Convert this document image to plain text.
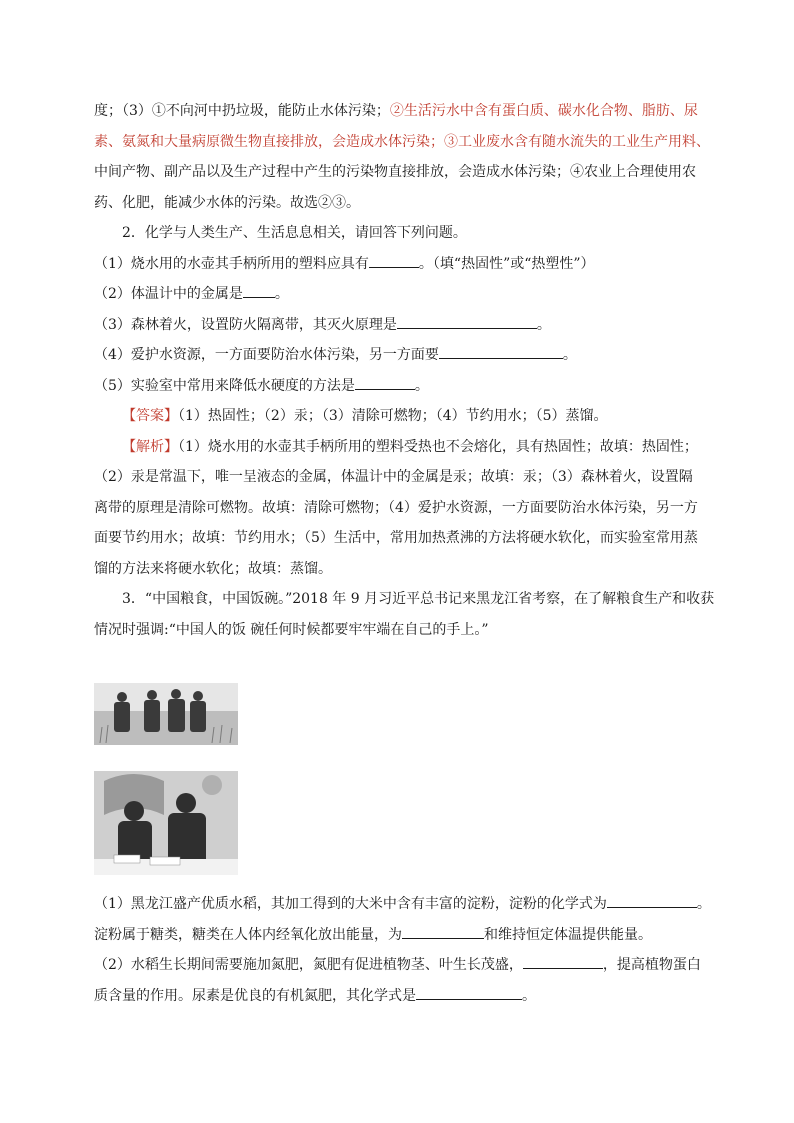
度；（3）①不向河中扔垃圾，能防止水体污染；②生活污水中含有蛋白质、碳水化合物、脂肪、尿
素、氨氮和大量病原微生物直接排放，会造成水体污染；③工业废水含有随水流失的工业生产用料、
中间产物、副产品以及生产过程中产生的污染物直接排放，会造成水体污染；④农业上合理使用农
药、化肥，能减少水体的污染。故选②③。
2．化学与人类生产、生活息息相关，请回答下列问题。
（1）烧水用的水壶其手柄所用的塑料应具有	。（填“热固性”或“热塑性”）
（2）体温计中的金属是 。
（3）森林着火，设置防火隔离带，其灭火原理是	。
（4）爱护水资源，一方面要防治水体污染，另一方面要	。
（5）实验室中常用来降低水硬度的方法是	。
【答案】（1）热固性；（2）汞；（3）清除可燃物；（4）节约用水；（5）蒸馏。
【解析】（1）烧水用的水壶其手柄所用的塑料受热也不会熔化，具有热固性；故填：热固性；
（2）汞是常温下，唯一呈液态的金属，体温计中的金属是汞；故填：汞；（3）森林着火，设置隔
离带的原理是清除可燃物。故填：清除可燃物；（4）爱护水资源，一方面要防治水体污染，另一方
面要节约用水；故填：节约用水；（5）生活中，常用加热煮沸的方法将硬水软化，而实验室常用蒸
馏的方法来将硬水软化；故填：蒸馏。
3．“中国粮食，中国饭碗。”2018 年 9 月习近平总书记来黑龙江省考察，在了解粮食生产和收获
情况时强调:“中国人的饭 碗任何时候都要牢牢端在自己的手上。”
（1）黑龙江盛产优质水稻，其加工得到的大米中含有丰富的淀粉，淀粉的化学式为	。
淀粉属于糖类，糖类在人体内经氧化放出能量，为	和维持恒定体温提供能量。
（2）水稻生长期间需要施加氮肥，氮肥有促进植物茎、叶生长茂盛，	，提高植物蛋白
质含量的作用。尿素是优良的有机氮肥，其化学式是	。
